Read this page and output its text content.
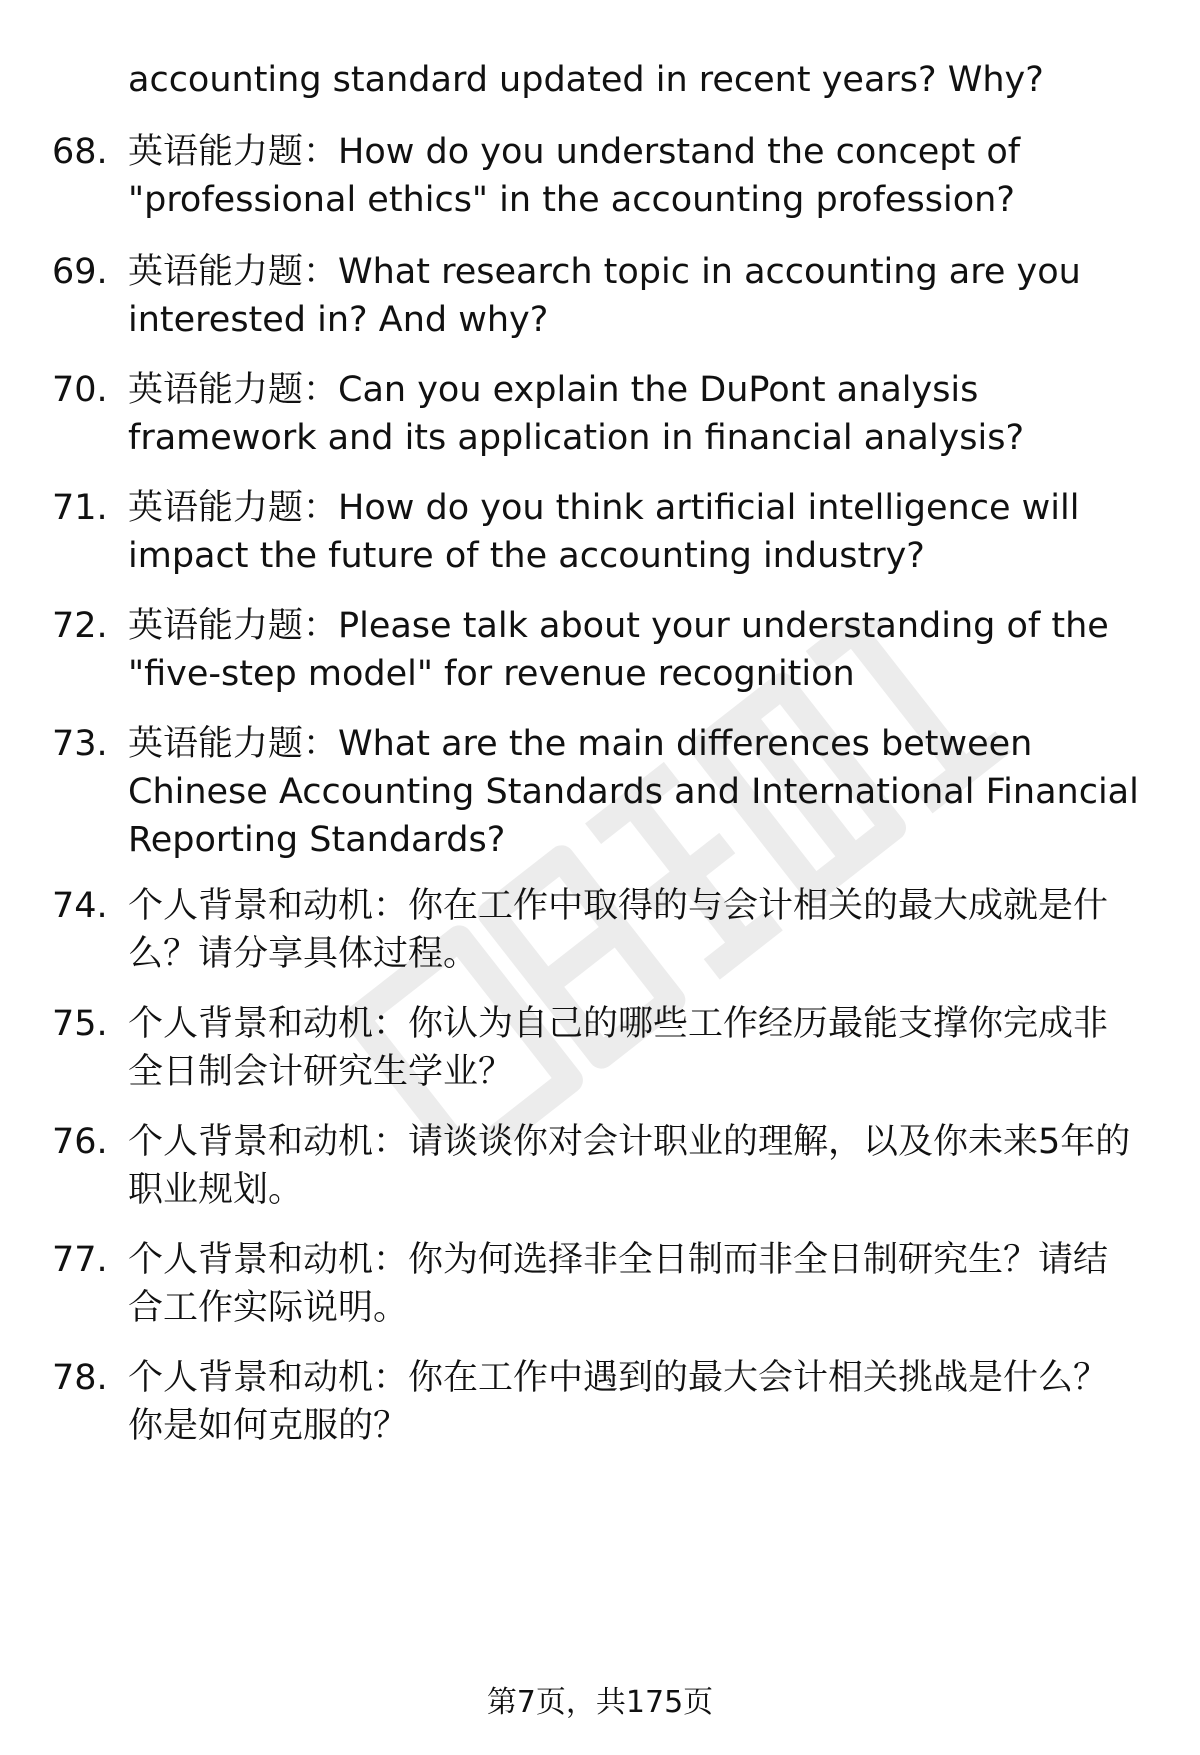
accounting standard updated in recent years? Why?
68. 英语能力题：How do you understand the concept of
"professional ethics" in the accounting profession?
69. 英语能力题：What research topic in accounting are you
interested in? And why?
70. 英语能力题：Can you explain the DuPont analysis
framework and its application in financial analysis?
71. 英语能力题：How do you think artificial intelligence will
impact the future of the accounting industry?
72. 英语能力题：Please talk about your understanding of the
"five-step model" for revenue recognition
73. 英语能力题：What are the main differences between
Chinese Accounting Standards and International Financial
Reporting Standards?
74. 个人背景和动机：你在工作中取得的与会计相关的最大成就是什
么？请分享具体过程。
75. 个人背景和动机：你认为自己的哪些工作经历最能支撑你完成非
全日制会计研究生学业？
76. 个人背景和动机：请谈谈你对会计职业的理解，以及你未来5年的
职业规划。
77. 个人背景和动机：你为何选择非全日制而非全日制研究生？请结
合工作实际说明。
78. 个人背景和动机：你在工作中遇到的最大会计相关挑战是什么？
你是如何克服的？
第7页，共175页
